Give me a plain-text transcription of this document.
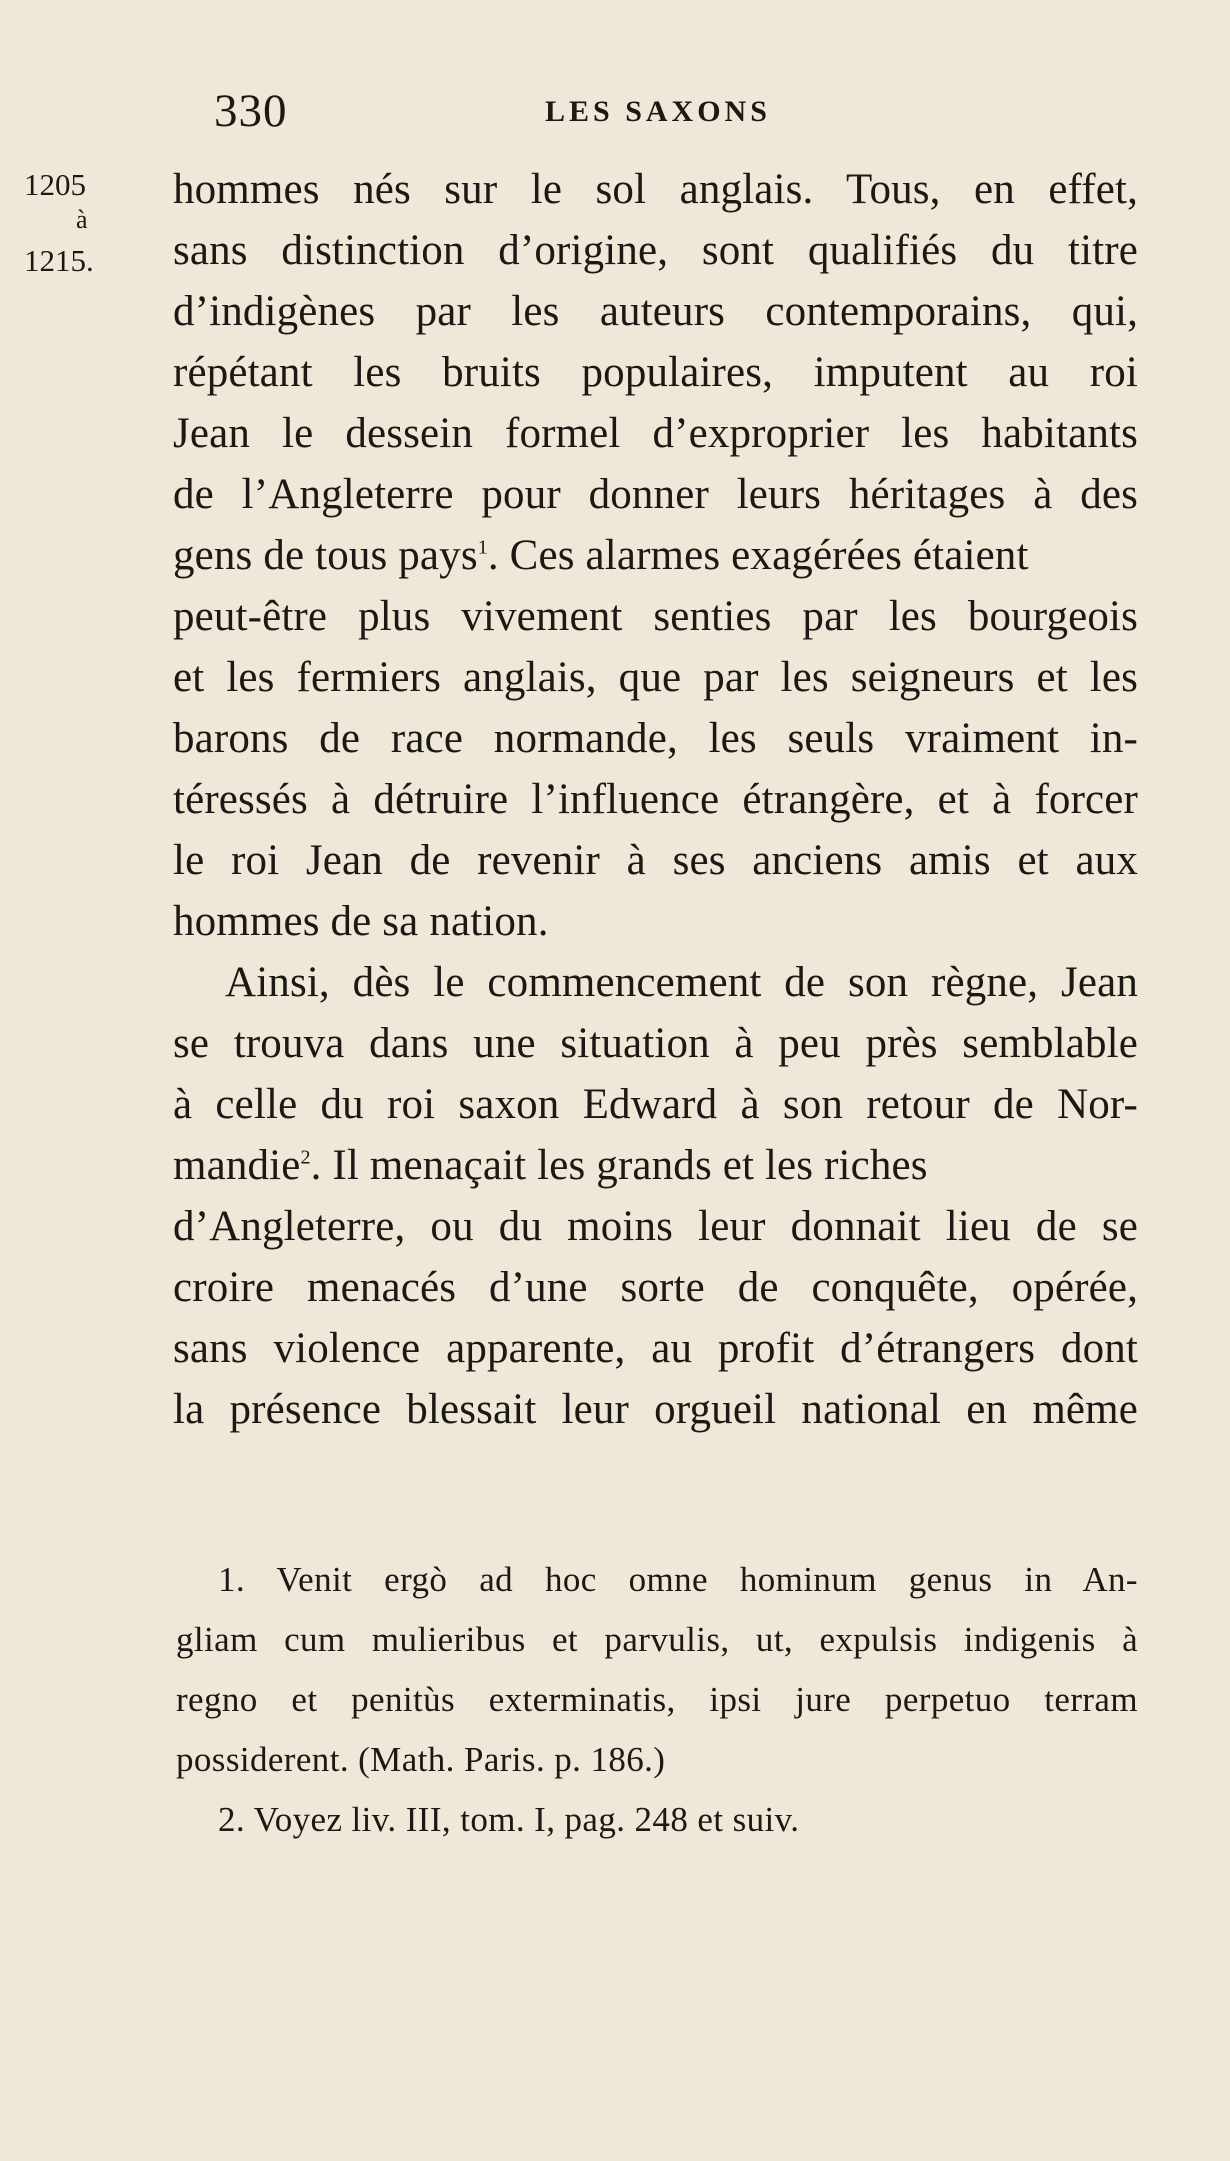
330	LES SAXONS
1205
à
1215.
hommes nés sur le sol anglais. Tous, en effet,
sans distinction d’origine, sont qualifiés du titre
d’indigènes par les auteurs contemporains, qui,
répétant les bruits populaires, imputent au roi
Jean le dessein formel d’exproprier les habitants
de l’Angleterre pour donner leurs héritages à des
gens de tous pays$^1$. Ces alarmes exagérées étaient
peut-être plus vivement senties par les bourgeois
et les fermiers anglais, que par les seigneurs et les
barons de race normande, les seuls vraiment in-
téressés à détruire l’influence étrangère, et à forcer
le roi Jean de revenir à ses anciens amis et aux
hommes de sa nation.
Ainsi, dès le commencement de son règne, Jean
se trouva dans une situation à peu près semblable
à celle du roi saxon Edward à son retour de Nor-
mandie$^2$. Il menaçait les grands et les riches
d’Angleterre, ou du moins leur donnait lieu de se
croire menacés d’une sorte de conquête, opérée,
sans violence apparente, au profit d’étrangers dont
la présence blessait leur orgueil national en même
1. Venit ergò ad hoc omne hominum genus in An-
gliam cum mulieribus et parvulis, ut, expulsis indigenis à
regno et penitùs exterminatis, ipsi jure perpetuo terram
possiderent. (Math. Paris. p. 186.)
2. Voyez liv. III, tom. I, pag. 248 et suiv.
